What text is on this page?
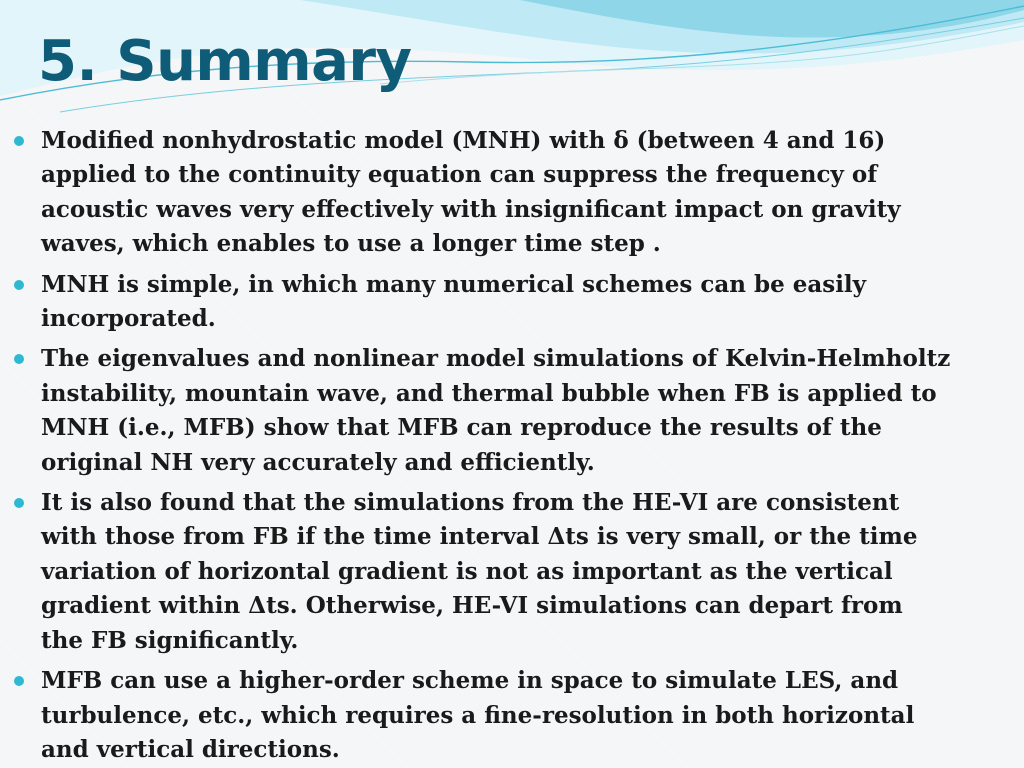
5. Summary
Modified nonhydrostatic model (MNH) with δ (between 4 and 16) applied to the continuity equation can suppress the frequency of acoustic waves very effectively with insignificant impact on gravity waves, which enables to use a longer time step .
MNH is simple, in which many numerical schemes can be easily incorporated.
The eigenvalues and nonlinear model simulations of Kelvin-Helmholtz instability, mountain wave, and thermal bubble when FB is applied to MNH (i.e., MFB) show that MFB can reproduce the results of the original NH very accurately and efficiently.
It is also found that the simulations from the HE-VI are consistent with those from FB if the time interval Δts is very small, or the time variation of horizontal gradient is not as important as the vertical gradient within Δts. Otherwise, HE-VI simulations can depart from the FB significantly.
MFB can use a higher-order scheme in space to simulate LES, and turbulence, etc., which requires a fine-resolution in both horizontal and vertical directions.
